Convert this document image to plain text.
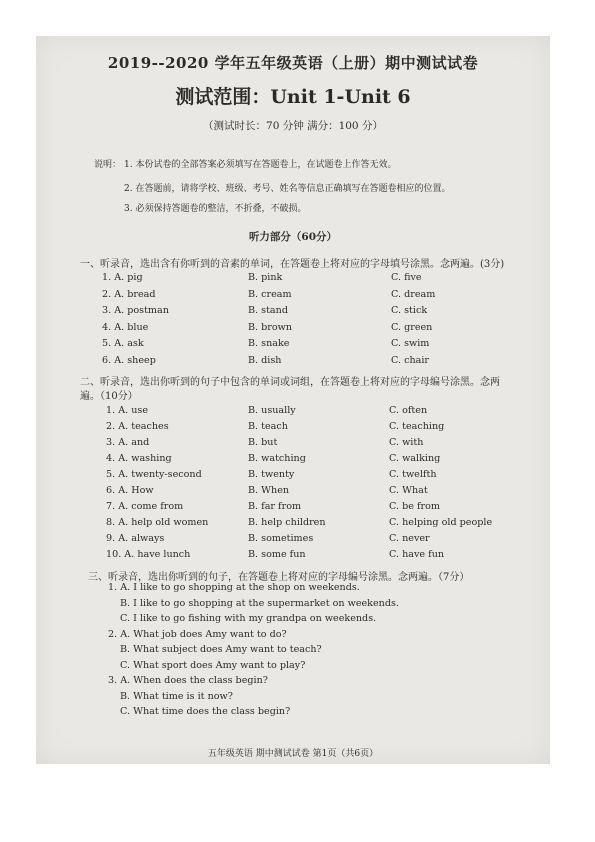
2019--2020 学年五年级英语（上册）期中测试试卷
测试范围：Unit 1-Unit 6
（测试时长：70 分钟 满分：100 分）
说明： 1. 本份试卷的全部答案必须填写在答题卷上，在试题卷上作答无效。
2. 在答题前，请将学校、班级、考号、姓名等信息正确填写在答题卷相应的位置。
3. 必须保持答题卷的整洁，不折叠，不破损。
听力部分（60分）
一、听录音，选出含有你听到的音素的单词，在答题卷上将对应的字母填号涂黑。念两遍。(3分)
1. A. pig	B. pink	C. five
2. A. bread	B. cream	C. dream
3. A. postman	B. stand	C. stick
4. A. blue	B. brown	C. green
5. A. ask	B. snake	C. swim
6. A. sheep	B. dish	C. chair
二、听录音，选出你听到的句子中包含的单词或词组，在答题卷上将对应的字母编号涂黑。念两
遍。（10分）
1. A. use	B. usually	C. often
2. A. teaches	B. teach	C. teaching
3. A. and	B. but	C. with
4. A. washing	B. watching	C. walking
5. A. twenty-second	B. twenty	C. twelfth
6. A. How	B. When	C. What
7. A. come from	B. far from	C. be from
8. A. help old women	B. help children	C. helping old people
9. A. always	B. sometimes	C. never
10. A. have lunch	B. some fun	C. have fun
三、听录音，选出你听到的句子，在答题卷上将对应的字母编号涂黑。念两遍。（7分）
1. A. I like to go shopping at the shop on weekends.
B. I like to go shopping at the supermarket on weekends.
C. I like to go fishing with my grandpa on weekends.
2. A. What job does Amy want to do?
B. What subject does Amy want to teach?
C. What sport does Amy want to play?
3. A. When does the class begin?
B. What time is it now?
C. What time does the class begin?
五年级英语 期中测试试卷 第1页（共6页）
